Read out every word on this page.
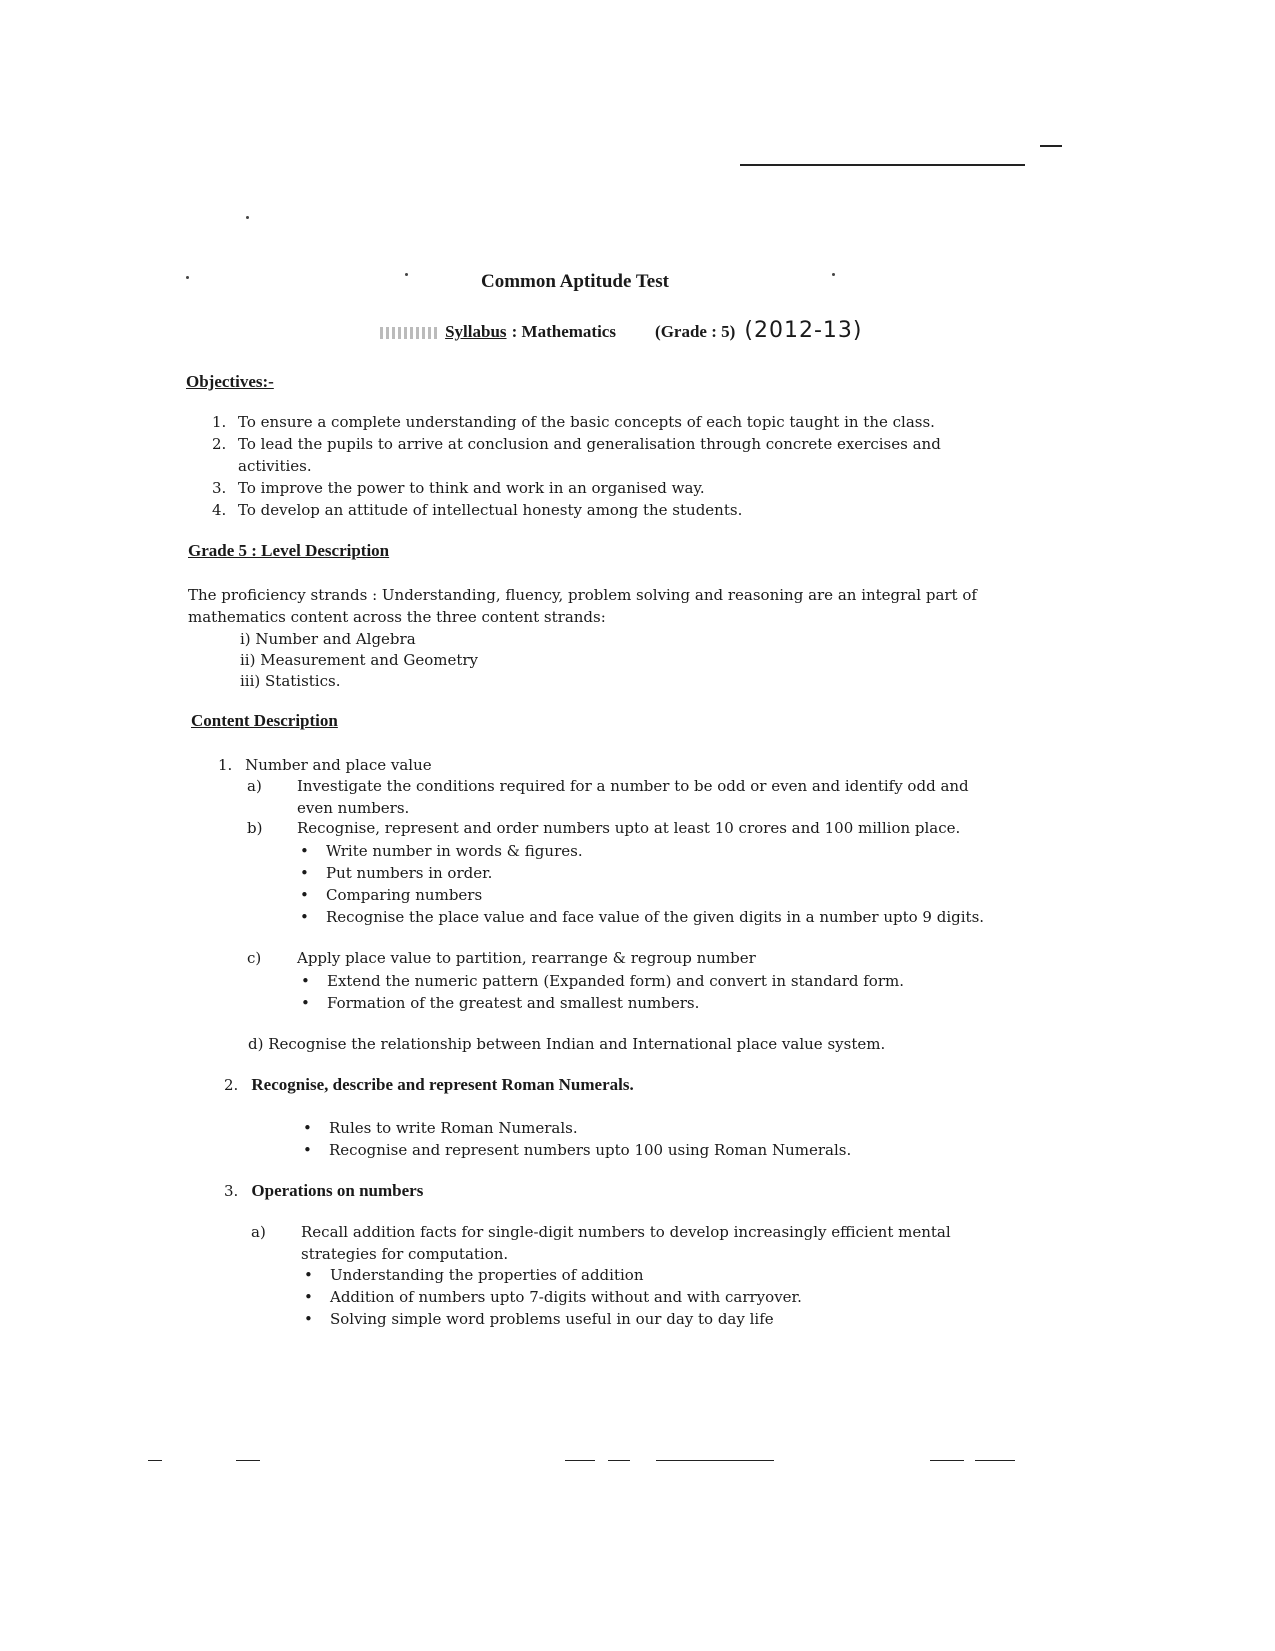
Common Aptitude Test
Syllabus : Mathematics (Grade : 5) (2012-13)
Objectives:-
1. To ensure a complete understanding of the basic concepts of each topic taught in the class.
2. To lead the pupils to arrive at conclusion and generalisation through concrete exercises and
activities.
3. To improve the power to think and work in an organised way.
4. To develop an attitude of intellectual honesty among the students.
Grade 5 : Level Description
The proficiency strands : Understanding, fluency, problem solving and reasoning are an integral part of
mathematics content across the three content strands:
i) Number and Algebra
ii) Measurement and Geometry
iii) Statistics.
Content Description
1. Number and place value
a) Investigate the conditions required for a number to be odd or even and identify odd and
even numbers.
b) Recognise, represent and order numbers upto at least 10 crores and 100 million place.
• Write number in words & figures.
• Put numbers in order.
• Comparing numbers
• Recognise the place value and face value of the given digits in a number upto 9 digits.
c) Apply place value to partition, rearrange & regroup number
• Extend the numeric pattern (Expanded form) and convert in standard form.
• Formation of the greatest and smallest numbers.
d) Recognise the relationship between Indian and International place value system.
2. Recognise, describe and represent Roman Numerals.
• Rules to write Roman Numerals.
• Recognise and represent numbers upto 100 using Roman Numerals.
3. Operations on numbers
a) Recall addition facts for single-digit numbers to develop increasingly efficient mental
strategies for computation.
• Understanding the properties of addition
• Addition of numbers upto 7-digits without and with carryover.
• Solving simple word problems useful in our day to day life
